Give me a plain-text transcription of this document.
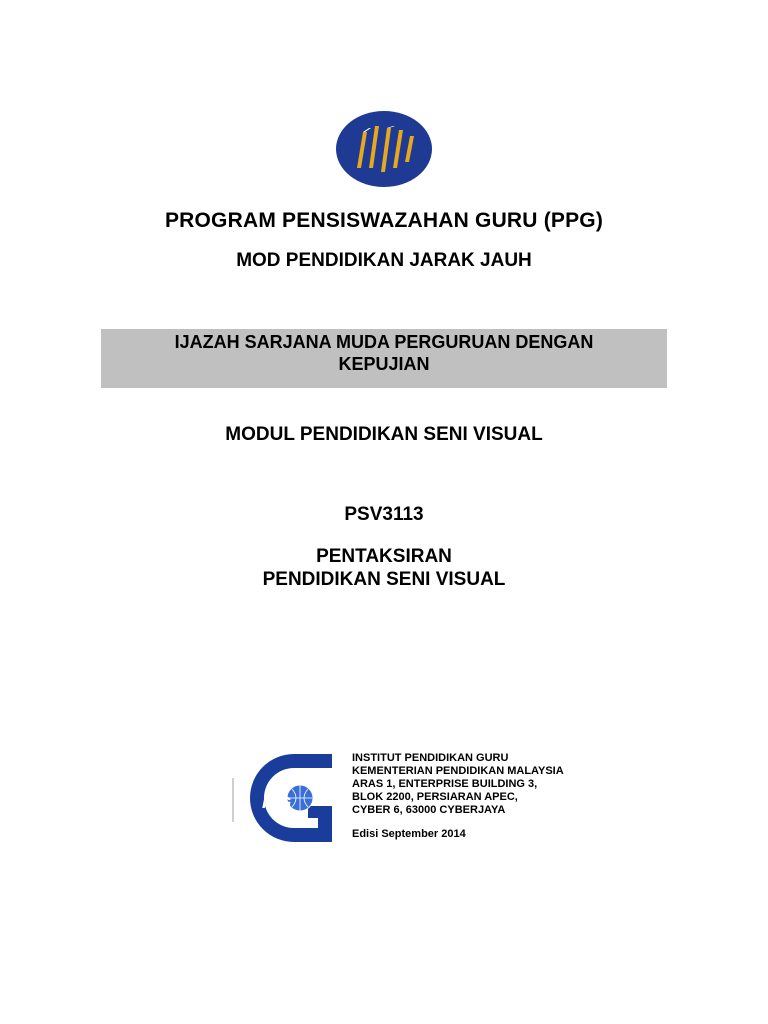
PROGRAM PENSISWAZAHAN GURU (PPG)
MOD PENDIDIKAN JARAK JAUH
IJAZAH SARJANA MUDA PERGURUAN DENGAN
KEPUJIAN
MODUL PENDIDIKAN SENI VISUAL
PSV3113
PENTAKSIRAN
PENDIDIKAN SENI VISUAL
IPG
INSTITUT PENDIDIKAN GURU
KEMENTERIAN PENDIDIKAN MALAYSIA
ARAS 1, ENTERPRISE BUILDING 3,
BLOK 2200, PERSIARAN APEC,
CYBER 6, 63000 CYBERJAYA
Edisi September 2014
